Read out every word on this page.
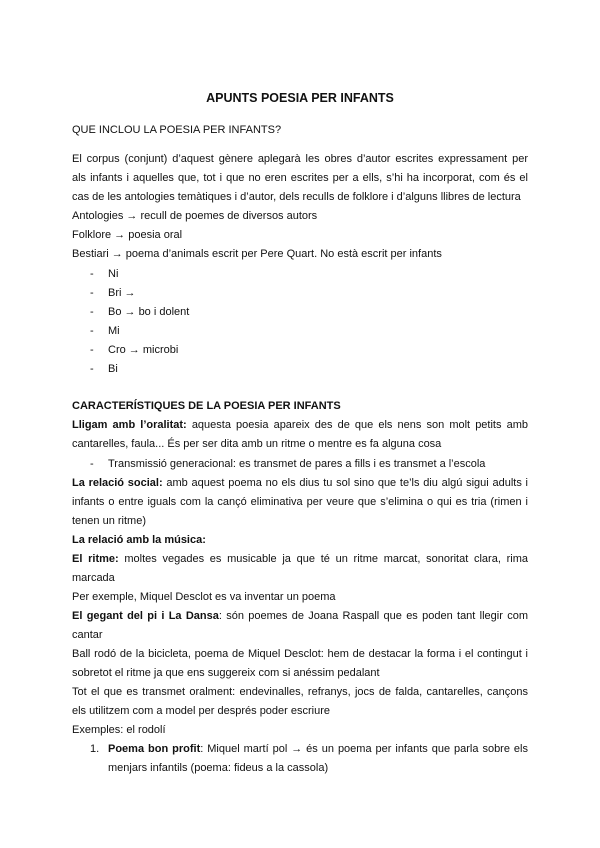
APUNTS POESIA PER INFANTS
QUE INCLOU LA POESIA PER INFANTS?
El corpus (conjunt) d’aquest gènere aplegarà les obres d’autor escrites expressament per
als infants i aquelles que, tot i que no eren escrites per a ells, s’hi ha incorporat, com és el
cas de les antologies temàtiques i d’autor, dels reculls de folklore i d’alguns llibres de lectura
Antologies → recull de poemes de diversos autors
Folklore → poesia oral
Bestiari → poema d’animals escrit per Pere Quart. No està escrit per infants
- Ni
- Bri →
- Bo → bo i dolent
- Mi
- Cro → microbi
- Bi
CARACTERÍSTIQUES DE LA POESIA PER INFANTS
Lligam amb l’oralitat: aquesta poesia apareix des de que els nens son molt petits amb
cantarelles, faula... És per ser dita amb un ritme o mentre es fa alguna cosa
- Transmissió generacional: es transmet de pares a fills i es transmet a l’escola
La relació social: amb aquest poema no els dius tu sol sino que te’ls diu algú sigui adults i
infants o entre iguals com la cançó eliminativa per veure que s’elimina o qui es tria (rimen i
tenen un ritme)
La relació amb la música:
El ritme: moltes vegades es musicable ja que té un ritme marcat, sonoritat clara, rima
marcada
Per exemple, Miquel Desclot es va inventar un poema
El gegant del pi i La Dansa: són poemes de Joana Raspall que es poden tant llegir com
cantar
Ball rodó de la bicicleta, poema de Miquel Desclot: hem de destacar la forma i el contingut i
sobretot el ritme ja que ens suggereix com si anéssim pedalant
Tot el que es transmet oralment: endevinalles, refranys, jocs de falda, cantarelles, cançons
els utilitzem com a model per després poder escriure
Exemples: el rodolí
1. Poema bon profit: Miquel martí pol → és un poema per infants que parla sobre els
menjars infantils (poema: fideus a la cassola)
